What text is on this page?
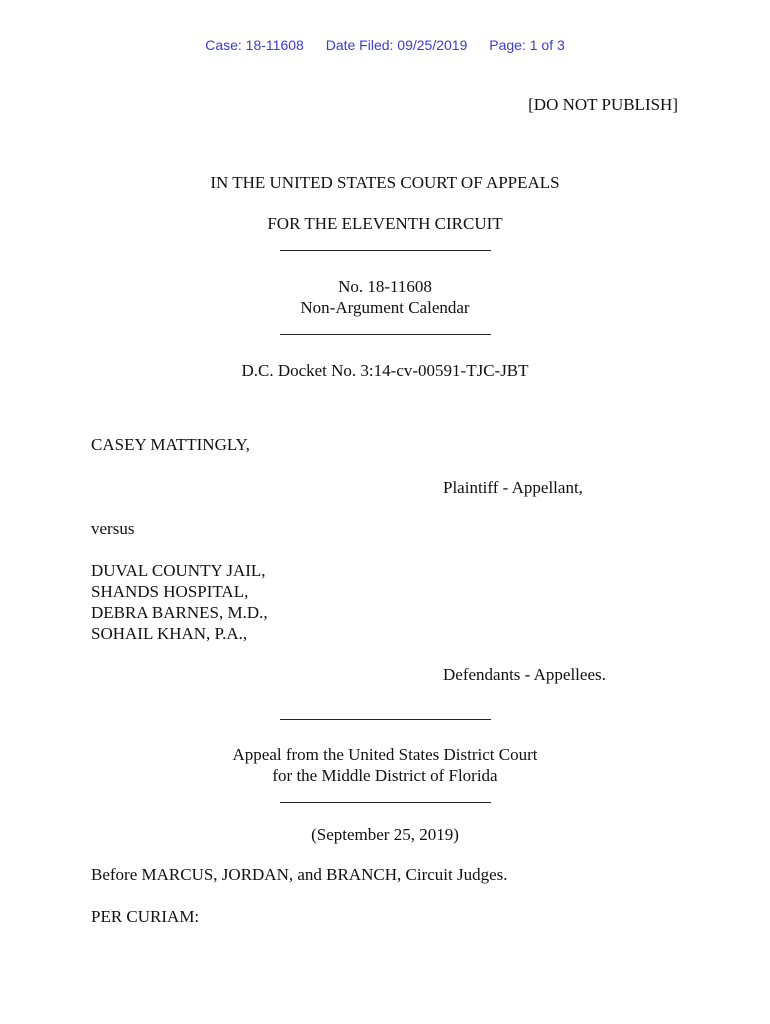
Case: 18-11608 Date Filed: 09/25/2019 Page: 1 of 3
[DO NOT PUBLISH]
IN THE UNITED STATES COURT OF APPEALS
FOR THE ELEVENTH CIRCUIT
No. 18-11608
Non-Argument Calendar
D.C. Docket No. 3:14-cv-00591-TJC-JBT
CASEY MATTINGLY,
Plaintiff - Appellant,
versus
DUVAL COUNTY JAIL,
SHANDS HOSPITAL,
DEBRA BARNES, M.D.,
SOHAIL KHAN, P.A.,
Defendants - Appellees.
Appeal from the United States District Court
for the Middle District of Florida
(September 25, 2019)
Before MARCUS, JORDAN, and BRANCH, Circuit Judges.
PER CURIAM:
